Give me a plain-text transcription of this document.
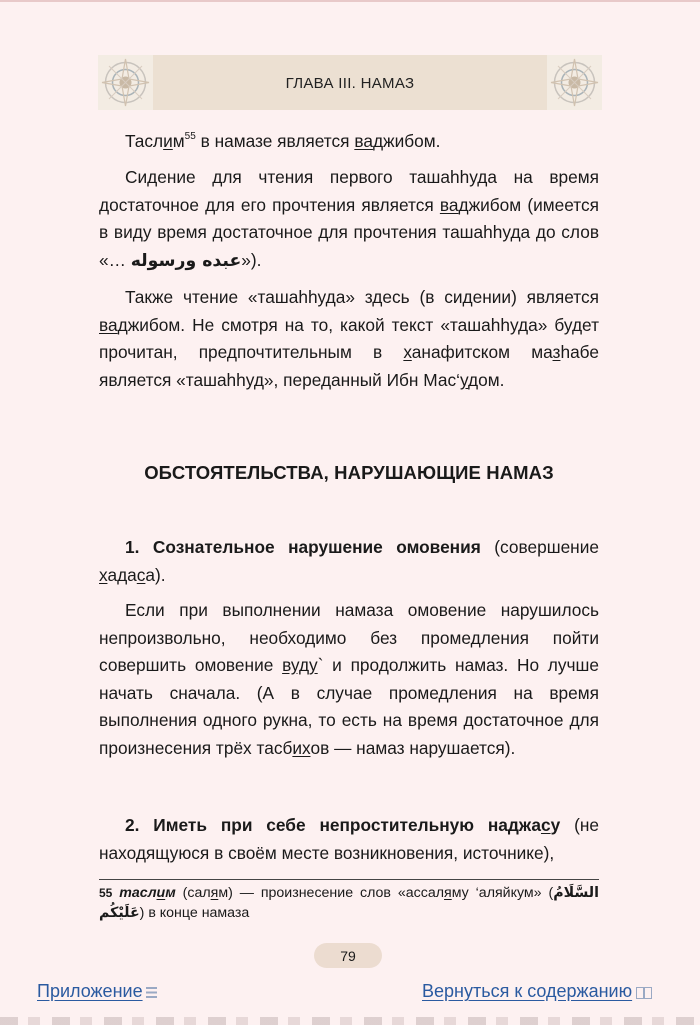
ГЛАВА III. НАМАЗ

Таслим$^{55}$ в намазе является ваджибом.

Сидение для чтения первого ташаhhуда на время достаточное для его прочтения является ваджибом (имеется в виду время достаточное для прочтения ташаhhуда до слов «… عبده ورسوله»).

Также чтение «ташаhhуда» здесь (в сидении) является ваджибом. Не смотря на то, какой текст «ташаhhуда» будет прочитан, предпочтительным в ханафитском мазhабе является «ташаhhуд», переданный Ибн Мас‘удом.

ОБСТОЯТЕЛЬСТВА, НАРУШАЮЩИЕ НАМАЗ

1. Сознательное нарушение омовения (совершение хадаса).

Если при выполнении намаза омовение нарушилось непроизвольно, необходимо без промедления пойти совершить омовение вуду` и продолжить намаз. Но лучше начать сначала. (А в случае промедления на время выполнения одного рукна, то есть на время достаточное для произнесения трёх тасбихов — намаз нарушается).

2. Иметь при себе непростительную наджасу (не находящуюся в своём месте возникновения, источнике),

$^{55}$ таслим (салям) — произнесение слов «ассаляму ‘аляйкум» (السَّلَامُ عَلَيْكُم) в конце намаза
79
Приложение	Вернуться к содержанию
